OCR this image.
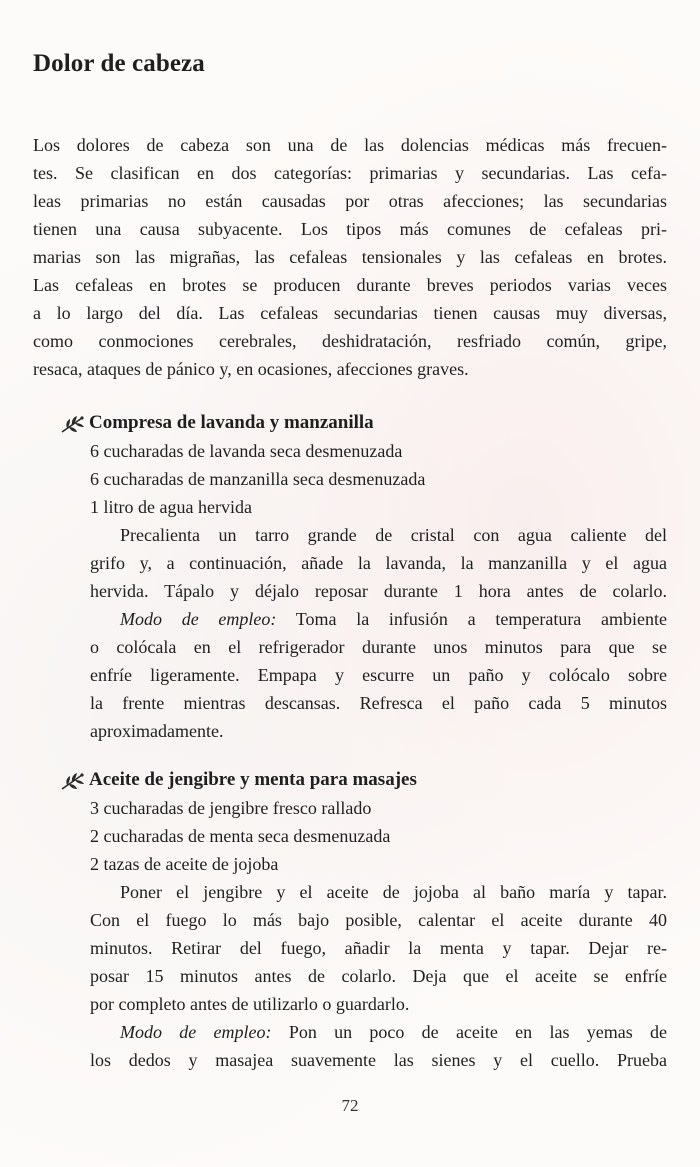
Dolor de cabeza
Los dolores de cabeza son una de las dolencias médicas más frecuen-
tes. Se clasifican en dos categorías: primarias y secundarias. Las cefa-
leas primarias no están causadas por otras afecciones; las secundarias
tienen una causa subyacente. Los tipos más comunes de cefaleas pri-
marias son las migrañas, las cefaleas tensionales y las cefaleas en brotes.
Las cefaleas en brotes se producen durante breves periodos varias veces
a lo largo del día. Las cefaleas secundarias tienen causas muy diversas,
como conmociones cerebrales, deshidratación, resfriado común, gripe,
resaca, ataques de pánico y, en ocasiones, afecciones graves.
Compresa de lavanda y manzanilla
6 cucharadas de lavanda seca desmenuzada
6 cucharadas de manzanilla seca desmenuzada
1 litro de agua hervida
Precalienta un tarro grande de cristal con agua caliente del
grifo y, a continuación, añade la lavanda, la manzanilla y el agua
hervida. Tápalo y déjalo reposar durante 1 hora antes de colarlo.
Modo de empleo: Toma la infusión a temperatura ambiente
o colócala en el refrigerador durante unos minutos para que se
enfríe ligeramente. Empapa y escurre un paño y colócalo sobre
la frente mientras descansas. Refresca el paño cada 5 minutos
aproximadamente.
Aceite de jengibre y menta para masajes
3 cucharadas de jengibre fresco rallado
2 cucharadas de menta seca desmenuzada
2 tazas de aceite de jojoba
Poner el jengibre y el aceite de jojoba al baño maría y tapar.
Con el fuego lo más bajo posible, calentar el aceite durante 40
minutos. Retirar del fuego, añadir la menta y tapar. Dejar re-
posar 15 minutos antes de colarlo. Deja que el aceite se enfríe
por completo antes de utilizarlo o guardarlo.
Modo de empleo: Pon un poco de aceite en las yemas de
los dedos y masajea suavemente las sienes y el cuello. Prueba
72
